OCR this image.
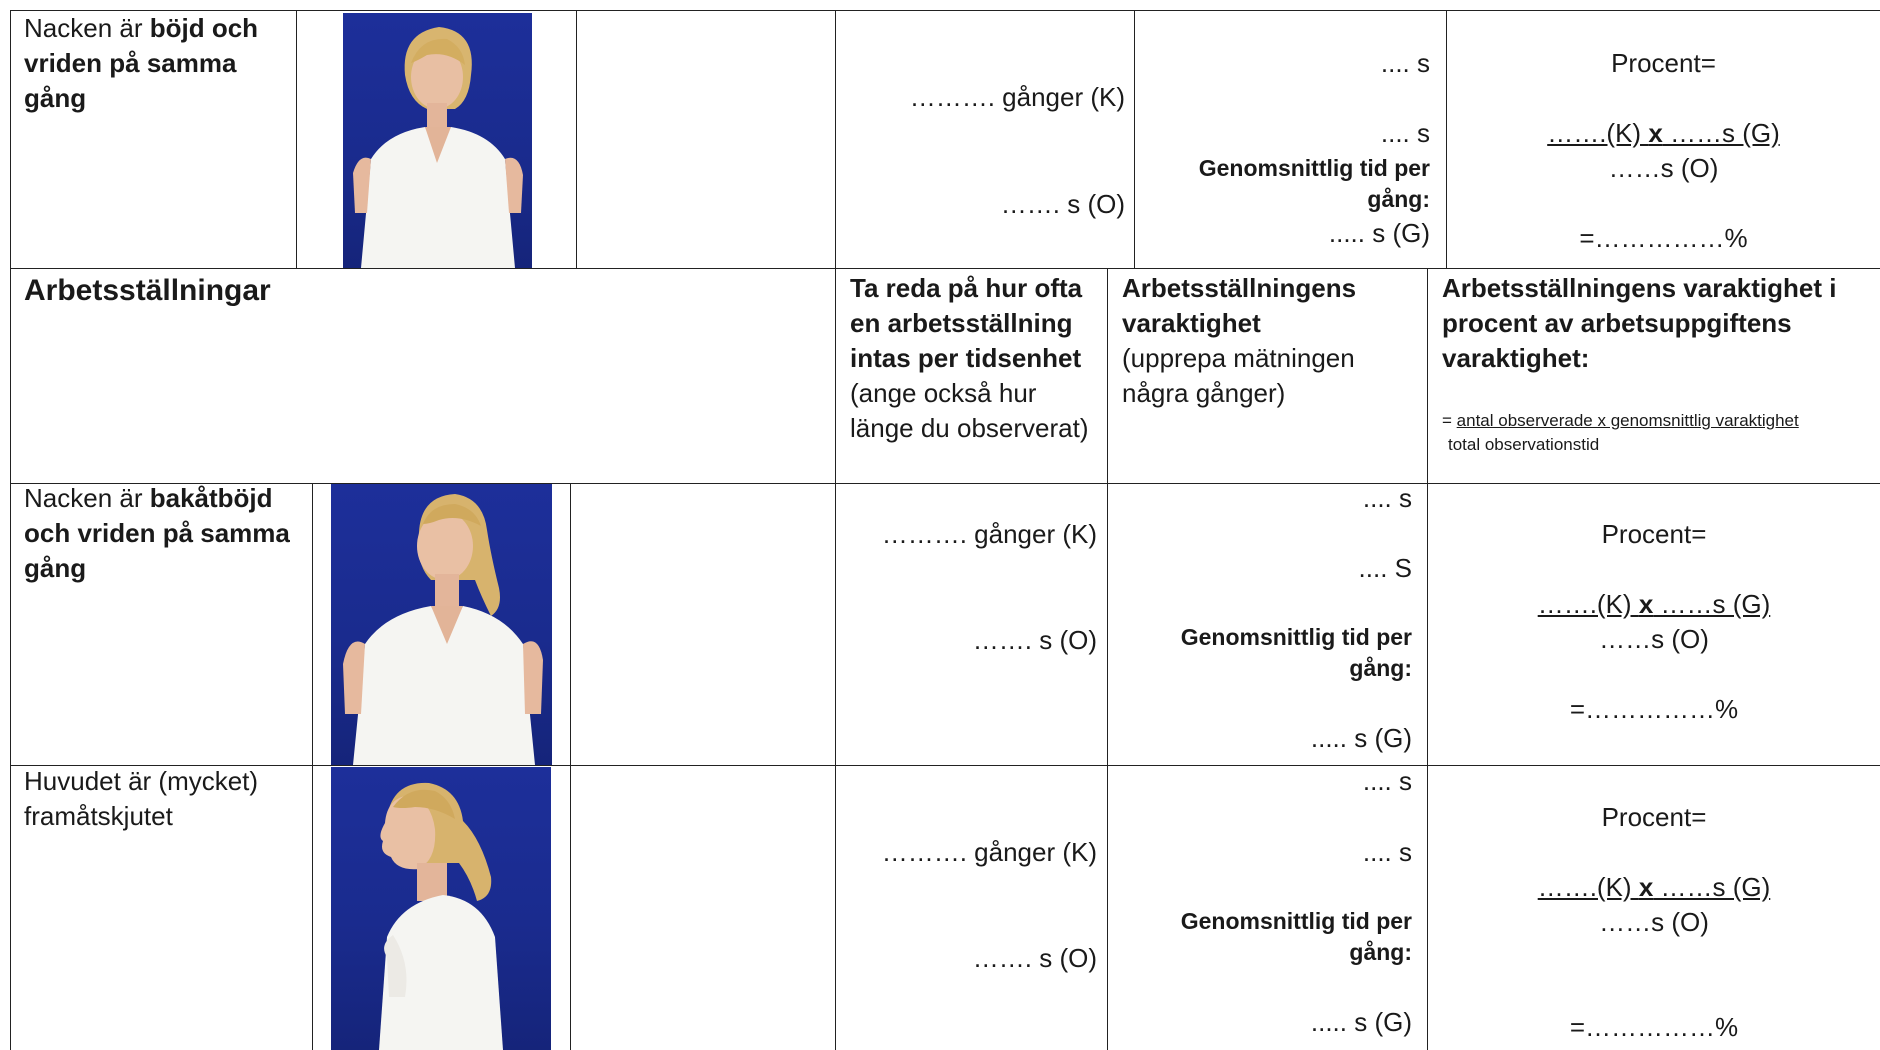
Nacken är böjd och vriden på samma gång	………. gånger (K)
……. s (O)
.... s
.... s
Genomsnittlig tid per gång:
..... s (G)
Procent=
…….(K) x ……s (G)
……s (O)
=……………%
Arbetsställningar	Ta reda på hur ofta en arbetsställning intas per tidsenhet (ange också hur länge du observerat)
Arbetsställningens varaktighet
(upprepa mätningen några gånger)
Arbetsställningens varaktighet i procent av arbetsuppgiftens varaktighet:
= antal observerade x genomsnittlig varaktighet
total observationstid
Nacken är bakåtböjd och vriden på samma gång
………. gånger (K)
……. s (O)
.... s
.... S
Genomsnittlig tid per gång:
..... s (G)
Procent=
…….(K) x ……s (G)
……s (O)
=……………%
Huvudet är (mycket) framåtskjutet
………. gånger (K)
……. s (O)
.... s
.... s
Genomsnittlig tid per gång:
..... s (G)
Procent=
…….(K) x ……s (G)
……s (O)
=……………%
